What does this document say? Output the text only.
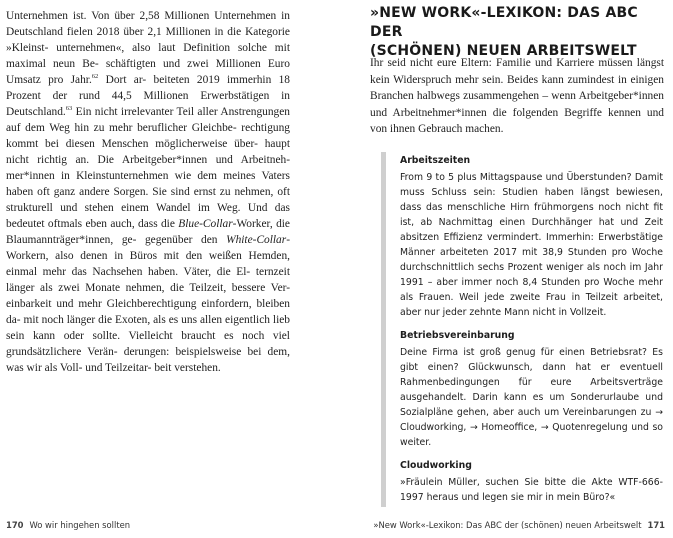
Unternehmen ist. Von über 2,58 Millionen Unternehmen in Deutschland fielen 2018 über 2,1 Millionen in die Kategorie »Kleinst- unternehmen«, also laut Definition solche mit maximal neun Be- schäftigten und zwei Millionen Euro Umsatz pro Jahr.$^{62}$ Dort ar- beiteten 2019 immerhin 18 Prozent der rund 44,5 Millionen Erwerbstätigen in Deutschland.$^{63}$ Ein nicht irrelevanter Teil aller Anstrengungen auf dem Weg hin zu mehr beruflicher Gleichbe- rechtigung kommt bei diesen Menschen möglicherweise über- haupt nicht richtig an. Die Arbeitgeber*innen und Arbeitneh- mer*innen in Kleinstunternehmen wie dem meines Vaters haben oft ganz andere Sorgen. Sie sind ernst zu nehmen, oft strukturell und stehen einem Wandel im Weg. Und das bedeutet oftmals eben auch, dass die Blue-Collar-Worker, die Blaumannträger*innen, ge- gegenüber den White-Collar-Workern, also denen in Büros mit den weißen Hemden, einmal mehr das Nachsehen haben. Väter, die El- ternzeit länger als zwei Monate nehmen, die Teilzeit, bessere Ver- einbarkeit und mehr Gleichberechtigung einfordern, bleiben da- mit noch länger die Exoten, als es uns allen eigentlich lieb sein kann oder sollte. Vielleicht braucht es noch viel grundsätzlichere Verän- derungen: beispielsweise bei dem, was wir als Voll- und Teilzeitar- beit verstehen.
170 Wo wir hingehen sollten
»NEW WORK«-LEXIKON: DAS ABC DER
(SCHÖNEN) NEUEN ARBEITSWELT

Ihr seid nicht eure Eltern: Familie und Karriere müssen längst kein Widerspruch mehr sein. Beides kann zumindest in einigen Branchen halbwegs zusammengehen – wenn Arbeitgeber*innen und Arbeitnehmer*innen die folgenden Begriffe kennen und von ihnen Gebrauch machen.

Arbeitszeiten

From 9 to 5 plus Mittagspause und Überstunden? Damit muss Schluss sein: Studien haben längst bewiesen, dass das menschliche Hirn frühmorgens noch nicht fit ist, ab Nachmittag einen Durchhänger hat und Zeit absitzen Effizienz vermindert. Immerhin: Erwerbstätige Männer arbeiteten 2017 mit 38,9 Stunden pro Woche durchschnittlich sechs Prozent weniger als noch im Jahr 1991 – aber immer noch 8,4 Stunden pro Woche mehr als Frauen. Weil jede zweite Frau in Teilzeit arbeitet, aber nur jeder zehnte Mann nicht in Vollzeit.

Betriebsvereinbarung

Deine Firma ist groß genug für einen Betriebsrat? Es gibt einen? Glückwunsch, dann hat er eventuell Rahmenbedingungen für eure Arbeitsverträge ausgehandelt. Darin kann es um Sonderurlaube und Sozialpläne gehen, aber auch um Vereinbarungen zu → Cloudworking, → Homeoffice, → Quotenregelung und so weiter.

Cloudworking

»Fräulein Müller, suchen Sie bitte die Akte WTF-666-1997 heraus und legen sie mir in mein Büro?«

»New Work«-Lexikon: Das ABC der (schönen) neuen Arbeitswelt 171
